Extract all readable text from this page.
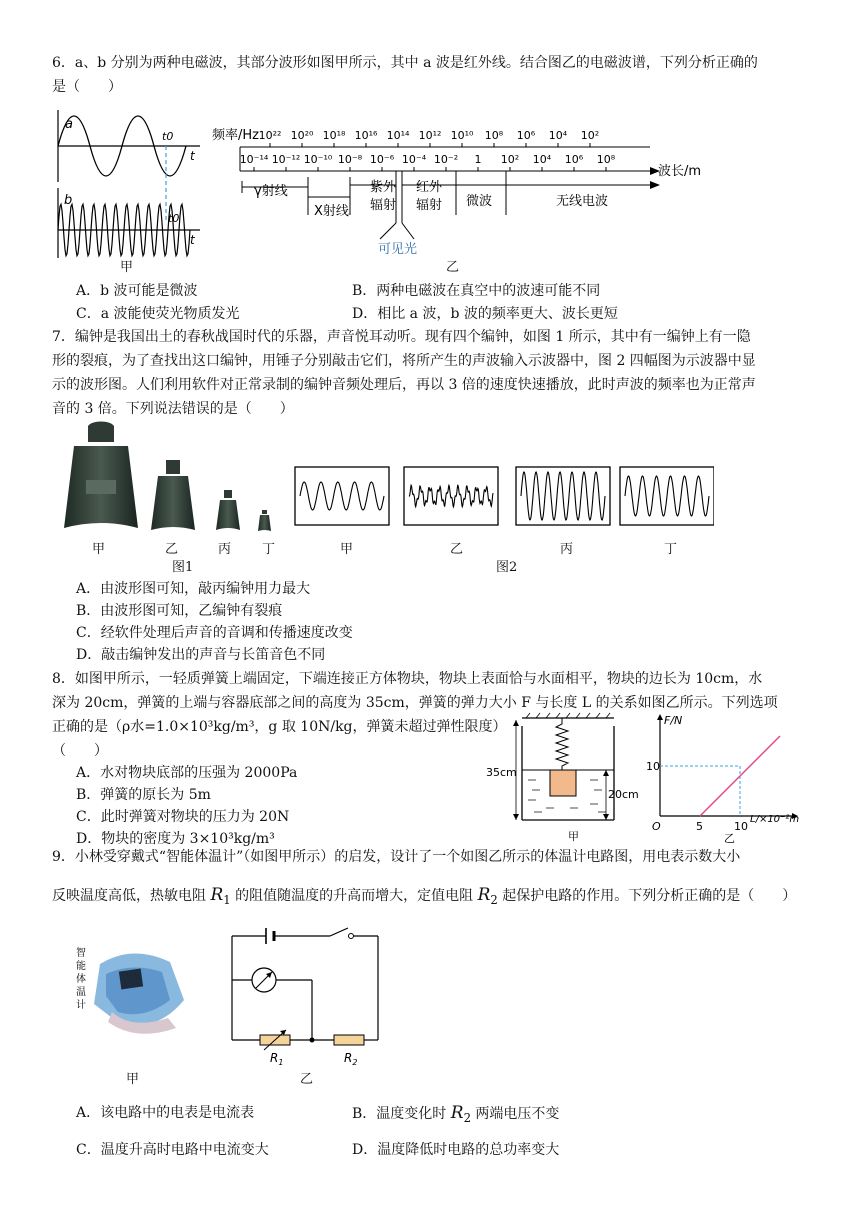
6．a、b 分别为两种电磁波，其部分波形如图甲所示，其中 a 波是红外线。结合图乙的电磁波谱，下列分析正确的
是（　　）
a
t0
t
b
t0
t
甲
频率/Hz 10²² 10²⁰ 10¹⁸ 10¹⁶ 10¹⁴ 10¹² 10¹⁰ 10⁸ 10⁶ 10⁴ 10²
10⁻¹⁴ 10⁻¹² 10⁻¹⁰ 10⁻⁸ 10⁻⁶ 10⁻⁴ 10⁻² 1 10² 10⁴ 10⁶ 10⁸
波长/m
γ射线
X射线
紫外
辐射
红外
辐射 微波	无线电波
可见光
乙
A．b 波可能是微波	B．两种电磁波在真空中的波速可能不同
C．a 波能使荧光物质发光	D．相比 a 波，b 波的频率更大、波长更短
7．编钟是我国出土的春秋战国时代的乐器，声音悦耳动听。现有四个编钟，如图 1 所示，其中有一编钟上有一隐
形的裂痕，为了查找出这口编钟，用锤子分别敲击它们，将所产生的声波输入示波器中，图 2 四幅图为示波器中显
示的波形图。人们利用软件对正常录制的编钟音频处理后，再以 3 倍的速度快速播放，此时声波的频率也为正常声
音的 3 倍。下列说法错误的是（　　）
甲	乙	丙 丁
图1
甲	乙	丙	丁
图2
A．由波形图可知，敲丙编钟用力最大
B．由波形图可知，乙编钟有裂痕
C．经软件处理后声音的音调和传播速度改变
D．敲击编钟发出的声音与长笛音色不同
8．如图甲所示，一轻质弹簧上端固定，下端连接正方体物块，物块上表面恰与水面相平，物块的边长为 10cm，水
深为 20cm，弹簧的上端与容器底部之间的高度为 35cm，弹簧的弹力大小 F 与长度 L 的关系如图乙所示。下列选项
正确的是（ρ水=1.0×10³kg/m³，g 取 10N/kg，弹簧未超过弹性限度）
（　　）
A．水对物块底部的压强为 2000Pa
B．弹簧的原长为 5m
C．此时弹簧对物块的压力为 20N
D．物块的密度为 3×10³kg/m³
35cm
20cm
甲
F/N
L/×10⁻²m
O
10
5	10
乙
9．小林受穿戴式“智能体温计”（如图甲所示）的启发，设计了一个如图乙所示的体温计电路图，用电表示数大小
反映温度高低，热敏电阻 $R_1$ 的阻值随温度的升高而增大，定值电阻 $R_2$ 起保护电路的作用。下列分析正确的是（　　）
智
能
体
温
计
甲
$R_1$	$R_2$
乙
A．该电路中的电表是电流表	B．温度变化时 $R_2$ 两端电压不变
C．温度升高时电路中电流变大	D．温度降低时电路的总功率变大
